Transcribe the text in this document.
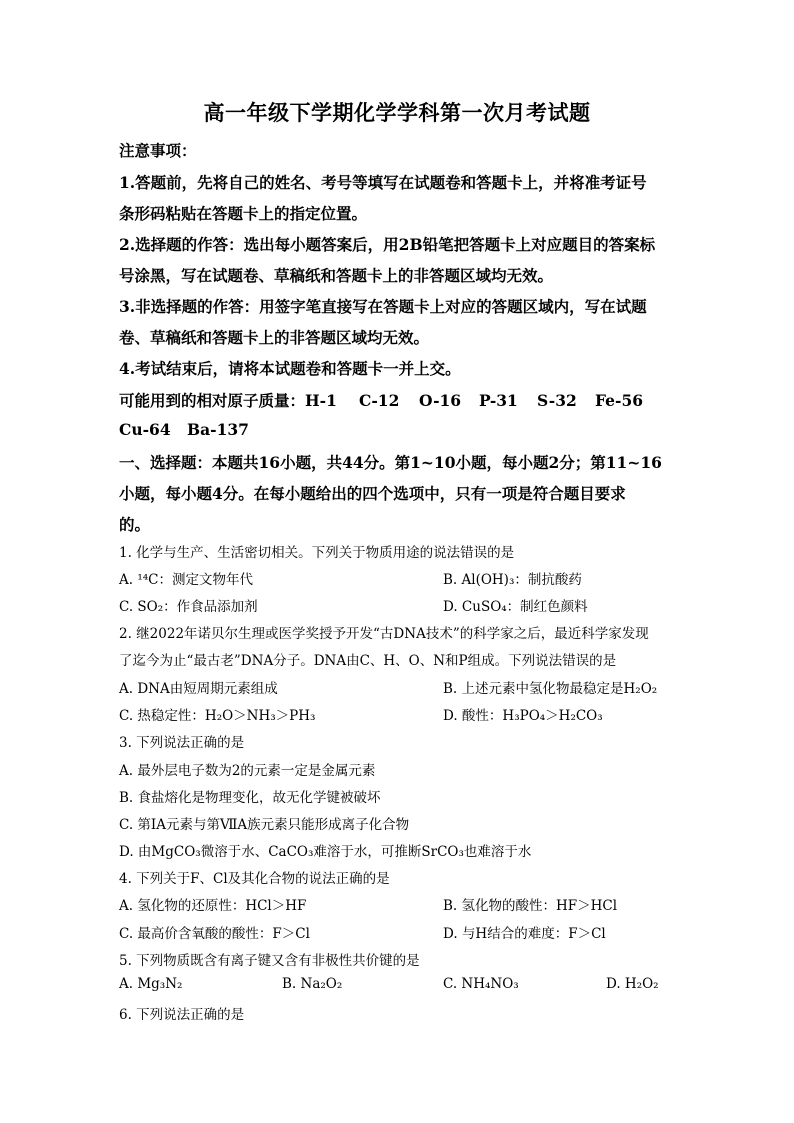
高一年级下学期化学学科第一次月考试题
注意事项：
1.答题前，先将自己的姓名、考号等填写在试题卷和答题卡上，并将准考证号
条形码粘贴在答题卡上的指定位置。
2.选择题的作答：选出每小题答案后，用2B铅笔把答题卡上对应题目的答案标
号涂黑，写在试题卷、草稿纸和答题卡上的非答题区域均无效。
3.非选择题的作答：用签字笔直接写在答题卡上对应的答题区域内，写在试题
卷、草稿纸和答题卡上的非答题区域均无效。
4.考试结束后，请将本试题卷和答题卡一并上交。
可能用到的相对原子质量：H-1 C-12 O-16 P-31 S-32 Fe-56
Cu-64 Ba-137
一、选择题：本题共16小题，共44分。第1~10小题，每小题2分；第11~16
小题，每小题4分。在每小题给出的四个选项中，只有一项是符合题目要求
的。
1. 化学与生产、生活密切相关。下列关于物质用途的说法错误的是
A. ¹⁴C：测定文物年代	B. Al(OH)₃：制抗酸药
C. SO₂：作食品添加剂	D. CuSO₄：制红色颜料
2. 继2022年诺贝尔生理或医学奖授予开发“古DNA技术”的科学家之后，最近科学家发现
了迄今为止“最古老”DNA分子。DNA由C、H、O、N和P组成。下列说法错误的是
A. DNA由短周期元素组成	B. 上述元素中氢化物最稳定是H₂O₂
C. 热稳定性：H₂O＞NH₃＞PH₃	D. 酸性：H₃PO₄＞H₂CO₃
3. 下列说法正确的是
A. 最外层电子数为2的元素一定是金属元素
B. 食盐熔化是物理变化，故无化学键被破坏
C. 第ⅠA元素与第ⅦA族元素只能形成离子化合物
D. 由MgCO₃微溶于水、CaCO₃难溶于水，可推断SrCO₃也难溶于水
4. 下列关于F、Cl及其化合物的说法正确的是
A. 氢化物的还原性：HCl＞HF	B. 氢化物的酸性：HF＞HCl
C. 最高价含氧酸的酸性：F＞Cl	D. 与H结合的难度：F＞Cl
5. 下列物质既含有离子键又含有非极性共价键的是
A. Mg₃N₂	B. Na₂O₂	C. NH₄NO₃	D. H₂O₂
6. 下列说法正确的是
